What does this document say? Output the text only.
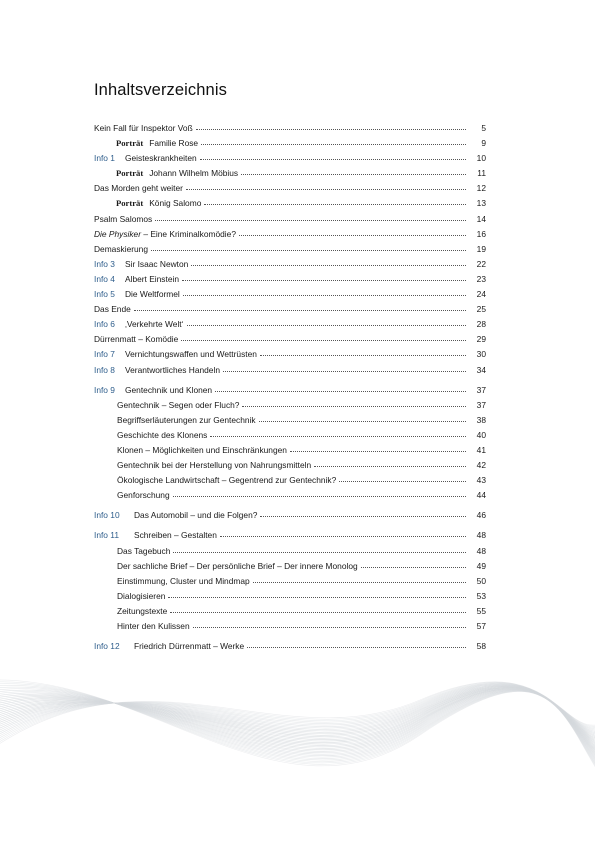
Inhaltsverzeichnis
Kein Fall für Inspektor Voß	5
Porträt Familie Rose	9
Info 1	Geisteskrankheiten	10
Porträt Johann Wilhelm Möbius	11
Das Morden geht weiter	12
Porträt König Salomo	13
Psalm Salomos	14
Die Physiker – Eine Kriminalkomödie?	16
Demaskierung	19
Info 3	Sir Isaac Newton	22
Info 4	Albert Einstein	23
Info 5	Die Weltformel	24
Das Ende	25
Info 6	‚Verkehrte Welt‘	28
Dürrenmatt – Komödie	29
Info 7	Vernichtungswaffen und Wettrüsten	30
Info 8	Verantwortliches Handeln	34
Info 9	Gentechnik und Klonen	37
Gentechnik – Segen oder Fluch?	37
Begriffserläuterungen zur Gentechnik	38
Geschichte des Klonens	40
Klonen – Möglichkeiten und Einschränkungen	41
Gentechnik bei der Herstellung von Nahrungsmitteln	42
Ökologische Landwirtschaft – Gegentrend zur Gentechnik?	43
Genforschung	44
Info 10	Das Automobil – und die Folgen?	46
Info 11	Schreiben – Gestalten	48
Das Tagebuch	48
Der sachliche Brief – Der persönliche Brief – Der innere Monolog	49
Einstimmung, Cluster und Mindmap	50
Dialogisieren	53
Zeitungstexte	55
Hinter den Kulissen	57
Info 12	Friedrich Dürrenmatt – Werke	58
